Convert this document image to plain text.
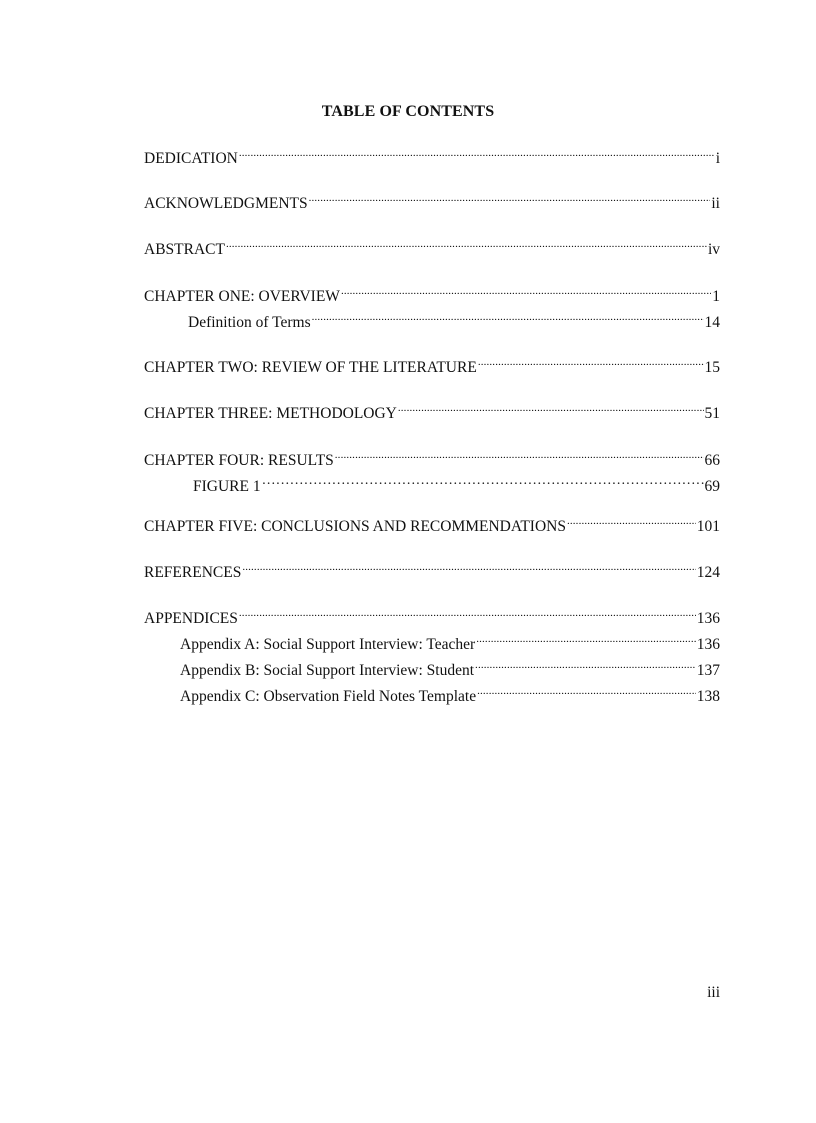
TABLE OF CONTENTS
DEDICATION .....	i
ACKNOWLEDGMENTS .....	ii
ABSTRACT .....	iv
CHAPTER ONE: OVERVIEW .....	1
Definition of Terms .....	14
CHAPTER TWO: REVIEW OF THE LITERATURE .....	15
CHAPTER THREE: METHODOLOGY .....	51
CHAPTER FOUR: RESULTS .....	66
FIGURE 1 …………………………………………………………………………………………………………………………………………………………………………………………………………………………………	69
CHAPTER FIVE: CONCLUSIONS AND RECOMMENDATIONS .....	101
REFERENCES .....	124
APPENDICES .....	136
Appendix A: Social Support Interview: Teacher .....	136
Appendix B: Social Support Interview: Student .....	137
Appendix C: Observation Field Notes Template .....	138

iii
